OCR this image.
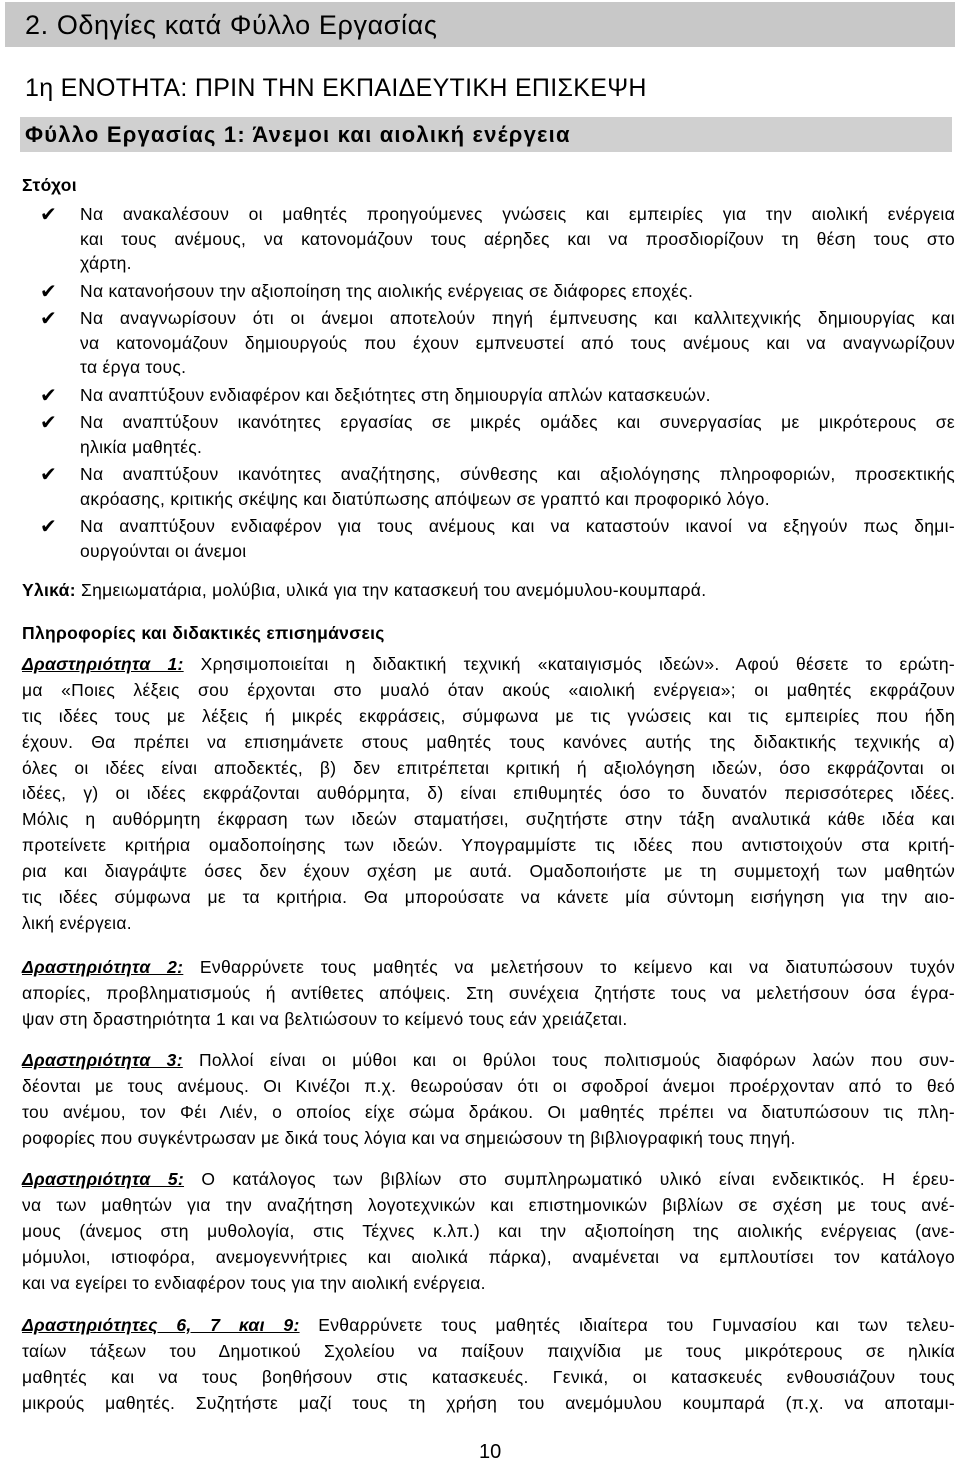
2. Οδηγίες κατά Φύλλο Εργασίας
1η ΕΝΟΤΗΤΑ: ΠΡΙΝ ΤΗΝ ΕΚΠΑΙΔΕΥΤΙΚΗ ΕΠΙΣΚΕΨΗ
Φύλλο Εργασίας 1: Άνεμοι και αιολική ενέργεια
Στόχοι
✔ Να ανακαλέσουν οι μαθητές προηγούμενες γνώσεις και εμπειρίες για την αιολική ενέργεια
και τους ανέμους, να κατονομάζουν τους αέρηδες και να προσδιορίζουν τη θέση τους στο
χάρτη.
✔ Να κατανοήσουν την αξιοποίηση της αιολικής ενέργειας σε διάφορες εποχές.
✔ Να αναγνωρίσουν ότι οι άνεμοι αποτελούν πηγή έμπνευσης και καλλιτεχνικής δημιουργίας και
να κατονομάζουν δημιουργούς που έχουν εμπνευστεί από τους ανέμους και να αναγνωρίζουν
τα έργα τους.
✔ Να αναπτύξουν ενδιαφέρον και δεξιότητες στη δημιουργία απλών κατασκευών.
✔ Να αναπτύξουν ικανότητες εργασίας σε μικρές ομάδες και συνεργασίας με μικρότερους σε
ηλικία μαθητές.
✔ Να αναπτύξουν ικανότητες αναζήτησης, σύνθεσης και αξιολόγησης πληροφοριών, προσεκτικής
ακρόασης, κριτικής σκέψης και διατύπωσης απόψεων σε γραπτό και προφορικό λόγο.
✔ Να αναπτύξουν ενδιαφέρον για τους ανέμους και να καταστούν ικανοί να εξηγούν πως δημι-
ουργούνται οι άνεμοι
Υλικά: Σημειωματάρια, μολύβια, υλικά για την κατασκευή του ανεμόμυλου-κουμπαρά.
Πληροφορίες και διδακτικές επισημάνσεις
Δραστηριότητα 1: Χρησιμοποιείται η διδακτική τεχνική «καταιγισμός ιδεών». Αφού θέσετε το ερώτη-
μα «Ποιες λέξεις σου έρχονται στο μυαλό όταν ακούς «αιολική ενέργεια»; οι μαθητές εκφράζουν
τις ιδέες τους με λέξεις ή μικρές εκφράσεις, σύμφωνα με τις γνώσεις και τις εμπειρίες που ήδη
έχουν. Θα πρέπει να επισημάνετε στους μαθητές τους κανόνες αυτής της διδακτικής τεχνικής α)
όλες οι ιδέες είναι αποδεκτές, β) δεν επιτρέπεται κριτική ή αξιολόγηση ιδεών, όσο εκφράζονται οι
ιδέες, γ) οι ιδέες εκφράζονται αυθόρμητα, δ) είναι επιθυμητές όσο το δυνατόν περισσότερες ιδέες.
Μόλις η αυθόρμητη έκφραση των ιδεών σταματήσει, συζητήστε στην τάξη αναλυτικά κάθε ιδέα και
προτείνετε κριτήρια ομαδοποίησης των ιδεών. Υπογραμμίστε τις ιδέες που αντιστοιχούν στα κριτή-
ρια και διαγράψτε όσες δεν έχουν σχέση με αυτά. Ομαδοποιήστε με τη συμμετοχή των μαθητών
τις ιδέες σύμφωνα με τα κριτήρια. Θα μπορούσατε να κάνετε μία σύντομη εισήγηση για την αιο-
λική ενέργεια.
Δραστηριότητα 2: Ενθαρρύνετε τους μαθητές να μελετήσουν το κείμενο και να διατυπώσουν τυχόν
απορίες, προβληματισμούς ή αντίθετες απόψεις. Στη συνέχεια ζητήστε τους να μελετήσουν όσα έγρα-
ψαν στη δραστηριότητα 1 και να βελτιώσουν το κείμενό τους εάν χρειάζεται.
Δραστηριότητα 3: Πολλοί είναι οι μύθοι και οι θρύλοι τους πολιτισμούς διαφόρων λαών που συν-
δέονται με τους ανέμους. Οι Κινέζοι π.χ. θεωρούσαν ότι οι σφοδροί άνεμοι προέρχονταν από το θεό
του ανέμου, τον Φέι Λιέν, ο οποίος είχε σώμα δράκου. Οι μαθητές πρέπει να διατυπώσουν τις πλη-
ροφορίες που συγκέντρωσαν με δικά τους λόγια και να σημειώσουν τη βιβλιογραφική τους πηγή.
Δραστηριότητα 5: Ο κατάλογος των βιβλίων στο συμπληρωματικό υλικό είναι ενδεικτικός. Η έρευ-
να των μαθητών για την αναζήτηση λογοτεχνικών και επιστημονικών βιβλίων σε σχέση με τους ανέ-
μους (άνεμος στη μυθολογία, στις Τέχνες κ.λπ.) και την αξιοποίηση της αιολικής ενέργειας (ανε-
μόμυλοι, ιστιοφόρα, ανεμογεννήτριες και αιολικά πάρκα), αναμένεται να εμπλουτίσει τον κατάλογο
και να εγείρει το ενδιαφέρον τους για την αιολική ενέργεια.
Δραστηριότητες 6, 7 και 9: Ενθαρρύνετε τους μαθητές ιδιαίτερα του Γυμνασίου και των τελευ-
ταίων τάξεων του Δημοτικού Σχολείου να παίξουν παιχνίδια με τους μικρότερους σε ηλικία
μαθητές και να τους βοηθήσουν στις κατασκευές. Γενικά, οι κατασκευές ενθουσιάζουν τους
μικρούς μαθητές. Συζητήστε μαζί τους τη χρήση του ανεμόμυλου κουμπαρά (π.χ. να αποταμι-
10
